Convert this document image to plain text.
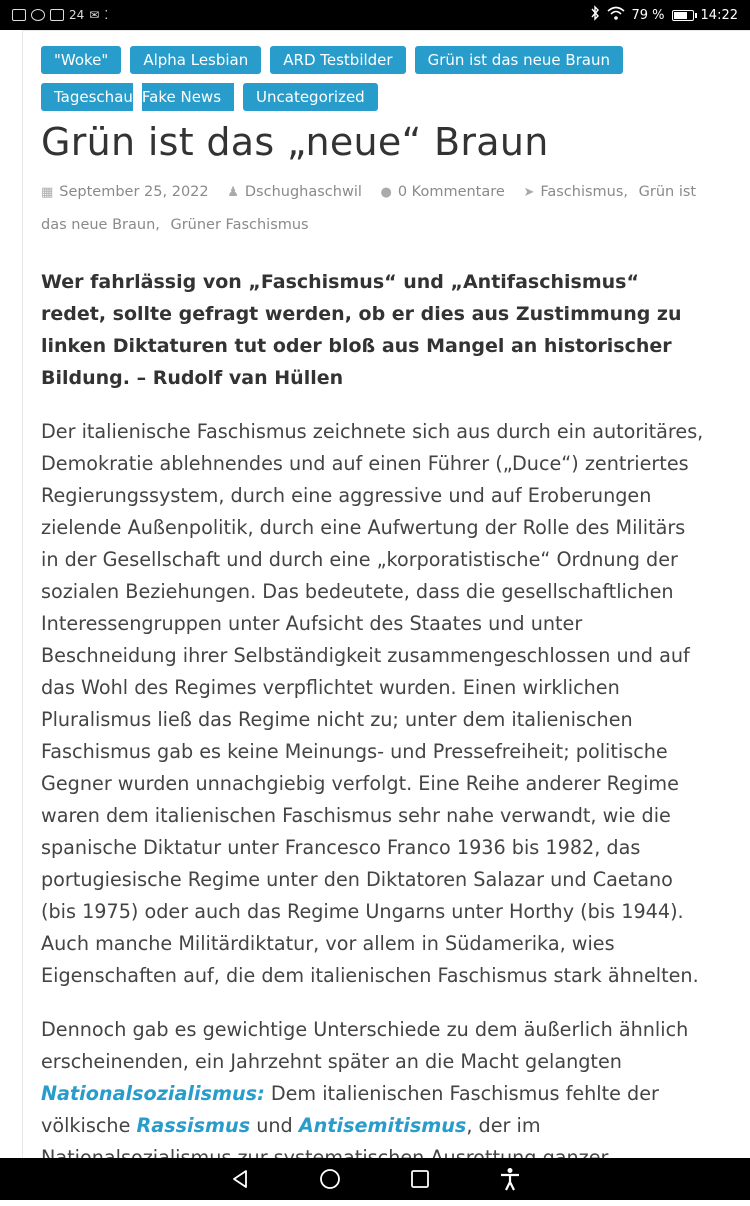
24 ✉ ⁚	79 %	14:22
"Woke"	Alpha Lesbian	ARD Testbilder	Grün ist das neue Braun
Tageschau Fake News	Uncategorized
Grün ist das „neue“ Braun
▦ September 25, 2022 ♟ Dschughaschwil ● 0 Kommentare ➤ Faschismus, Grün ist das neue Braun, Grüner Faschismus

Wer fahrlässig von „Faschismus“ und „Antifaschismus“ redet, sollte gefragt werden, ob er dies aus Zustimmung zu linken Diktaturen tut oder bloß aus Mangel an historischer Bildung. – Rudolf van Hüllen

Der italienische Faschismus zeichnete sich aus durch ein autoritäres, Demokratie ablehnendes und auf einen Führer („Duce“) zentriertes Regierungssystem, durch eine aggressive und auf Eroberungen zielende Außenpolitik, durch eine Aufwertung der Rolle des Militärs in der Gesellschaft und durch eine „korporatistische“ Ordnung der sozialen Beziehungen. Das bedeutete, dass die gesellschaftlichen Interessengruppen unter Aufsicht des Staates und unter Beschneidung ihrer Selbständigkeit zusammengeschlossen und auf das Wohl des Regimes verpflichtet wurden. Einen wirklichen Pluralismus ließ das Regime nicht zu; unter dem italienischen Faschismus gab es keine Meinungs- und Pressefreiheit; politische Gegner wurden unnachgiebig verfolgt. Eine Reihe anderer Regime waren dem italienischen Faschismus sehr nahe verwandt, wie die spanische Diktatur unter Francesco Franco 1936 bis 1982, das portugiesische Regime unter den Diktatoren Salazar und Caetano (bis 1975) oder auch das Regime Ungarns unter Horthy (bis 1944). Auch manche Militärdiktatur, vor allem in Südamerika, wies Eigenschaften auf, die dem italienischen Faschismus stark ähnelten.

Dennoch gab es gewichtige Unterschiede zu dem äußerlich ähnlich erscheinenden, ein Jahrzehnt später an die Macht gelangten Nationalsozialismus: Dem italienischen Faschismus fehlte der völkische Rassismus und Antisemitismus, der im
